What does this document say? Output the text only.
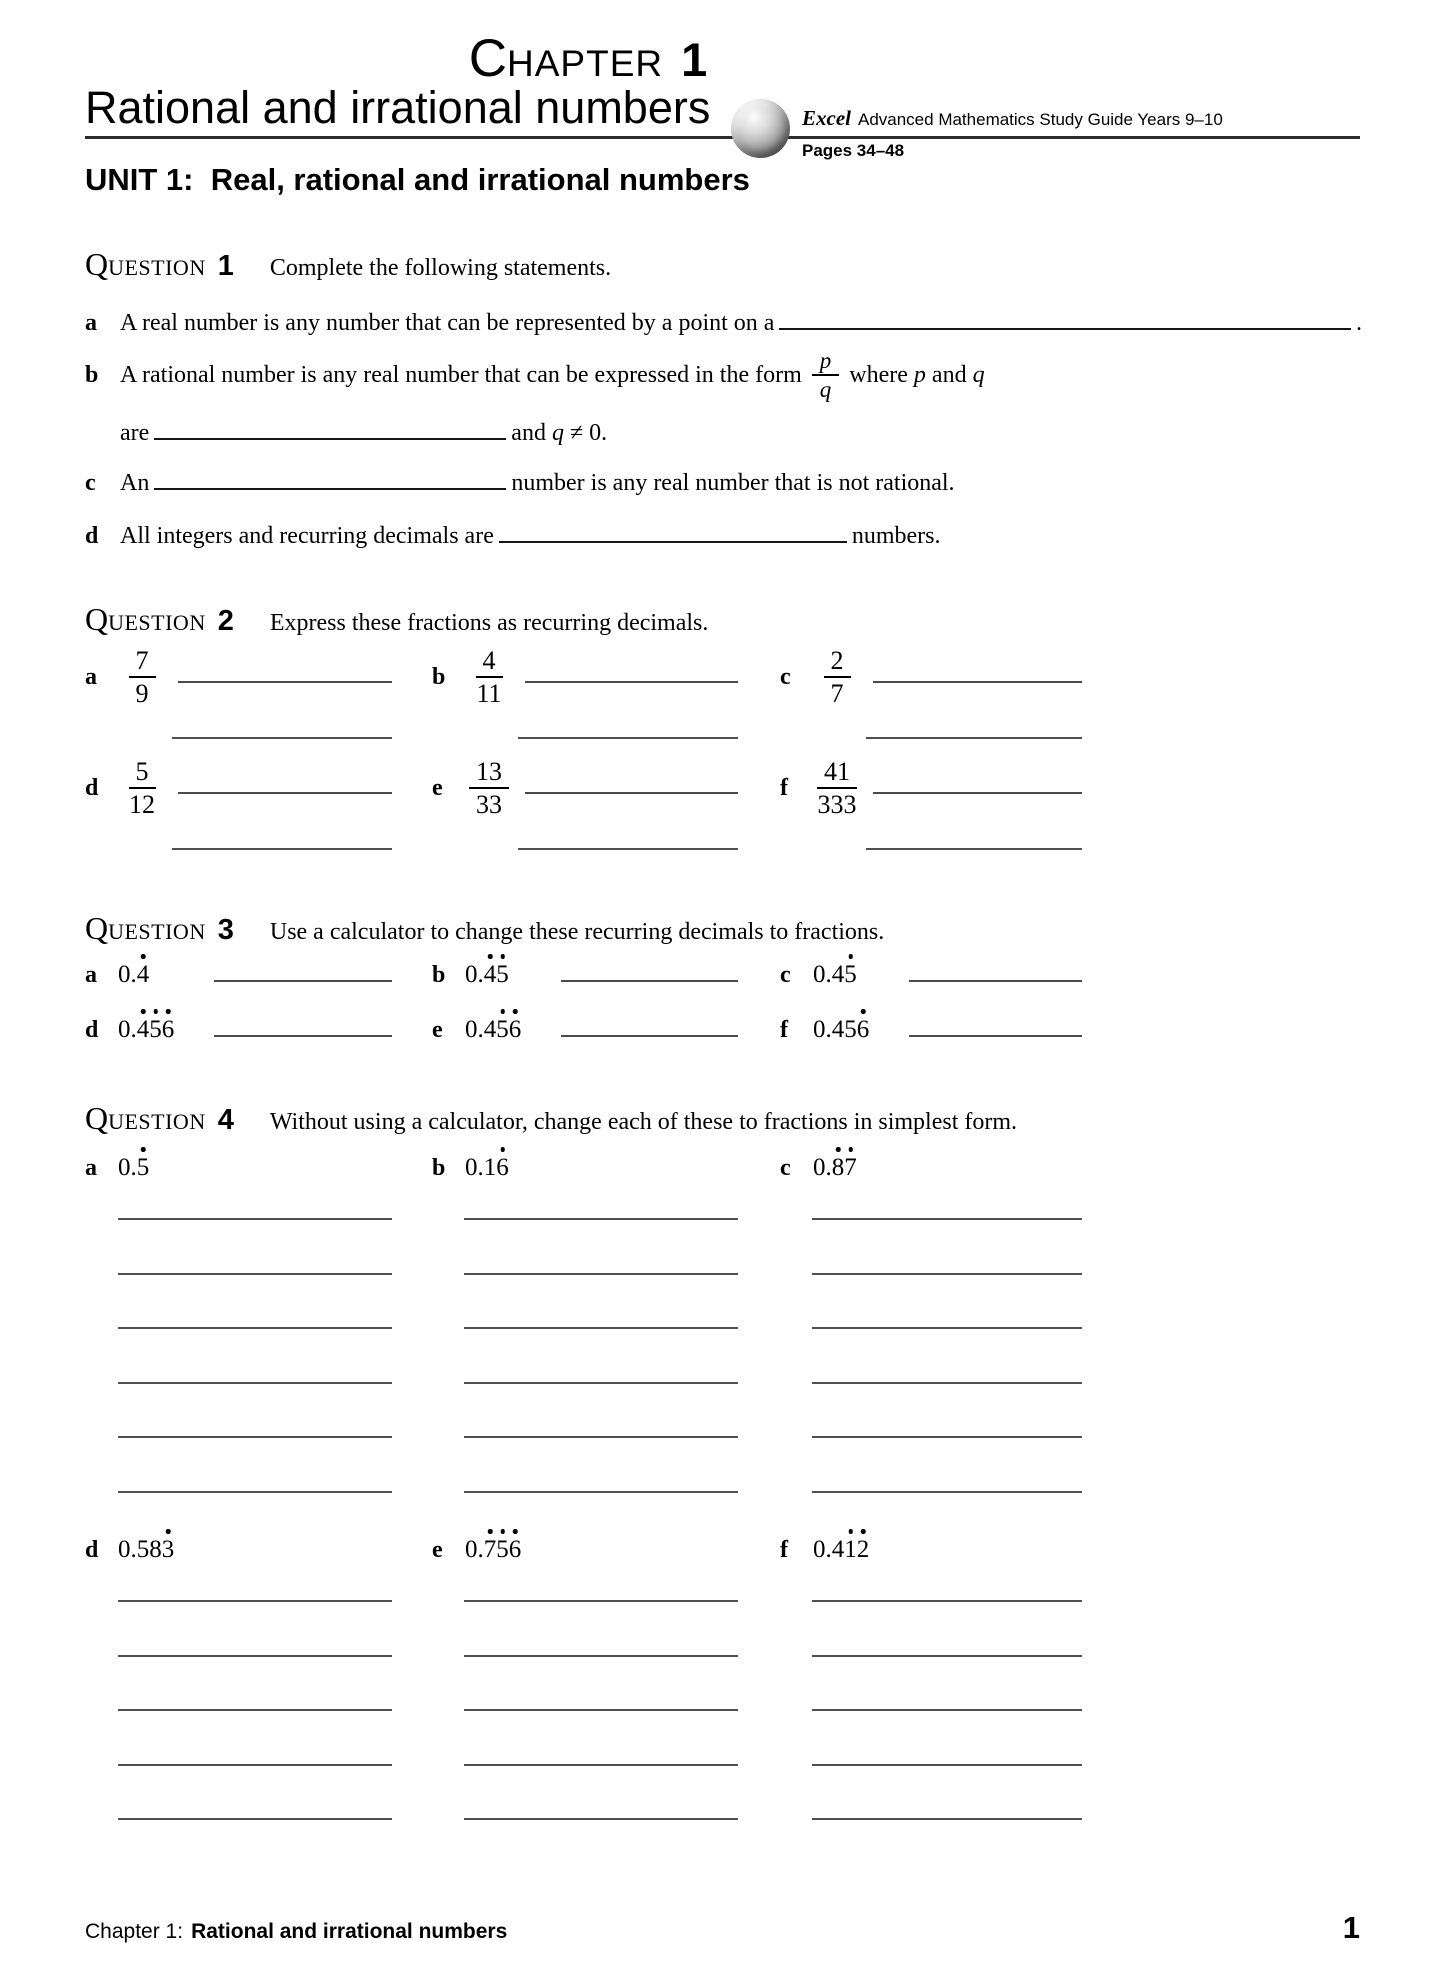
CHAPTER 1
Rational and irrational numbers	Excel Advanced Mathematics Study Guide Years 9–10
Pages 34–48
UNIT 1:  Real, rational and irrational numbers
Chapter 1: Rational and irrational numbers	1
QUESTION 1 Complete the following statements.
QUESTION 2 Express these fractions as recurring decimals.
QUESTION 3 Use a calculator to change these recurring decimals to fractions.
QUESTION 4 Without using a calculator, change each of these to fractions in simplest form.
a A real number is any number that can be represented by a point on a	.
b A rational number is any real number that can be expressed in the form $\frac{p}{q}$ where p and q
are	and q ≠ 0.
c	An	number is any real number that is not rational.
d All integers and recurring decimals are	numbers.
a $\frac{7}{9}$	b $\frac{4}{11}$	c $\frac{2}{7}$
d $\frac{5}{12}$	e $\frac{13}{33}$	f $\frac{41}{333}$
a 0.4	b 0.45	c 0.45
d 0.456	e 0.456	f	0.456
a 0.5	b 0.16	c 0.87
d 0.583	e 0.756	f	0.412
